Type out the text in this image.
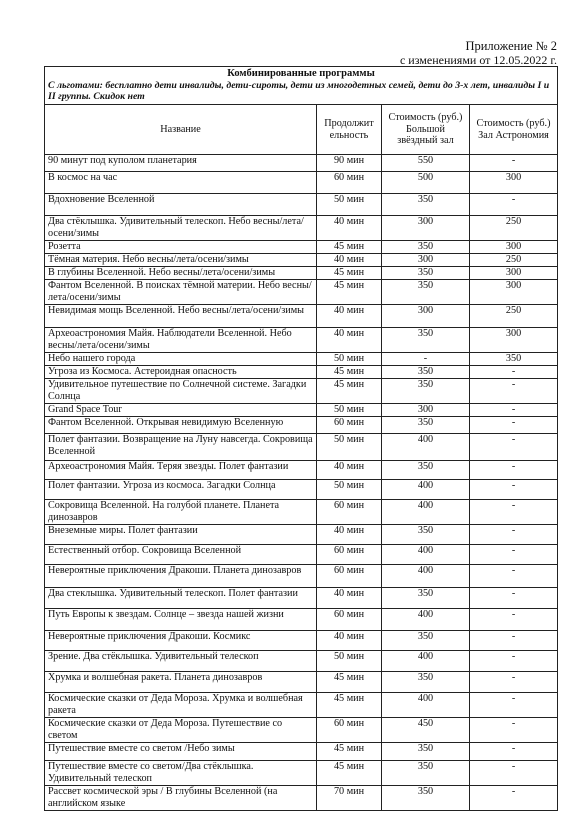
Приложение № 2
с изменениями от 12.05.2022 г.
Комбинированные программы			
С льготами: бесплатно дети инвалиды, дети-сироты, дети из многодетных семей, дети до 3-х лет, инвалиды I и II группы. Скидок нет			
Название	Продолжит ельность	Стоимость (руб.) Большой звёздный зал	Стоимость (руб.) Зал Астрономия
90 минут под куполом планетария	90 мин	550	-
В космос на час	60 мин	500	300
Вдохновение Вселенной	50 мин	350	-
Два стёклышка. Удивительный телескоп. Небо весны/лета/осени/зимы	40 мин	300	250
Розетта	45 мин	350	300
Тёмная материя. Небо весны/лета/осени/зимы	40 мин	300	250
В глубины Вселенной. Небо весны/лета/осени/зимы	45 мин	350	300
Фантом Вселенной. В поисках тёмной материи. Небо весны/лета/осени/зимы	45 мин	350	300
Невидимая мощь Вселенной. Небо весны/лета/осени/зимы	40 мин	300	250
Археоастрономия Майя. Наблюдатели Вселенной. Небо весны/лета/осени/зимы	40 мин	350	300
Небо нашего города	50 мин	-	350
Угроза из Космоса. Астероидная опасность	45 мин	350	-
Удивительное путешествие по Солнечной системе. Загадки Солнца	45 мин	350	-
Grand Space Tour	50 мин	300	-
Фантом Вселенной. Открывая невидимую Вселенную	60 мин	350	-
Полет фантазии. Возвращение на Луну навсегда. Сокровища Вселенной	50 мин	400	-
Археоастрономия Майя. Теряя звезды. Полет фантазии	40 мин	350	-
Полет фантазии. Угроза из космоса. Загадки Солнца	50 мин	400	-
Сокровища Вселенной. На голубой планете. Планета динозавров	60 мин	400	-
Внеземные миры. Полет фантазии	40 мин	350	-
Естественный отбор. Сокровища Вселенной	60 мин	400	-
Невероятные приключения Дракоши. Планета динозавров	60 мин	400	-
Два стеклышка. Удивительный телескоп. Полет фантазии	40 мин	350	-
Путь Европы к звездам. Солнце – звезда нашей жизни	60 мин	400	-
Невероятные приключения Дракоши. Космикс	40 мин	350	-
Зрение. Два стёклышка. Удивительный телескоп	50 мин	400	-
Хрумка и волшебная ракета. Планета динозавров	45 мин	350	-
Космические сказки от Деда Мороза. Хрумка и волшебная ракета	45 мин	400	-
Космические сказки от Деда Мороза. Путешествие со светом	60 мин	450	-
Путешествие вместе со светом /Небо зимы	45 мин	350	-
Путешествие вместе со светом/Два стёклышка. Удивительный телескоп	45 мин	350	-
Рассвет космической эры / В глубины Вселенной (на английском языке	70 мин	350	-
